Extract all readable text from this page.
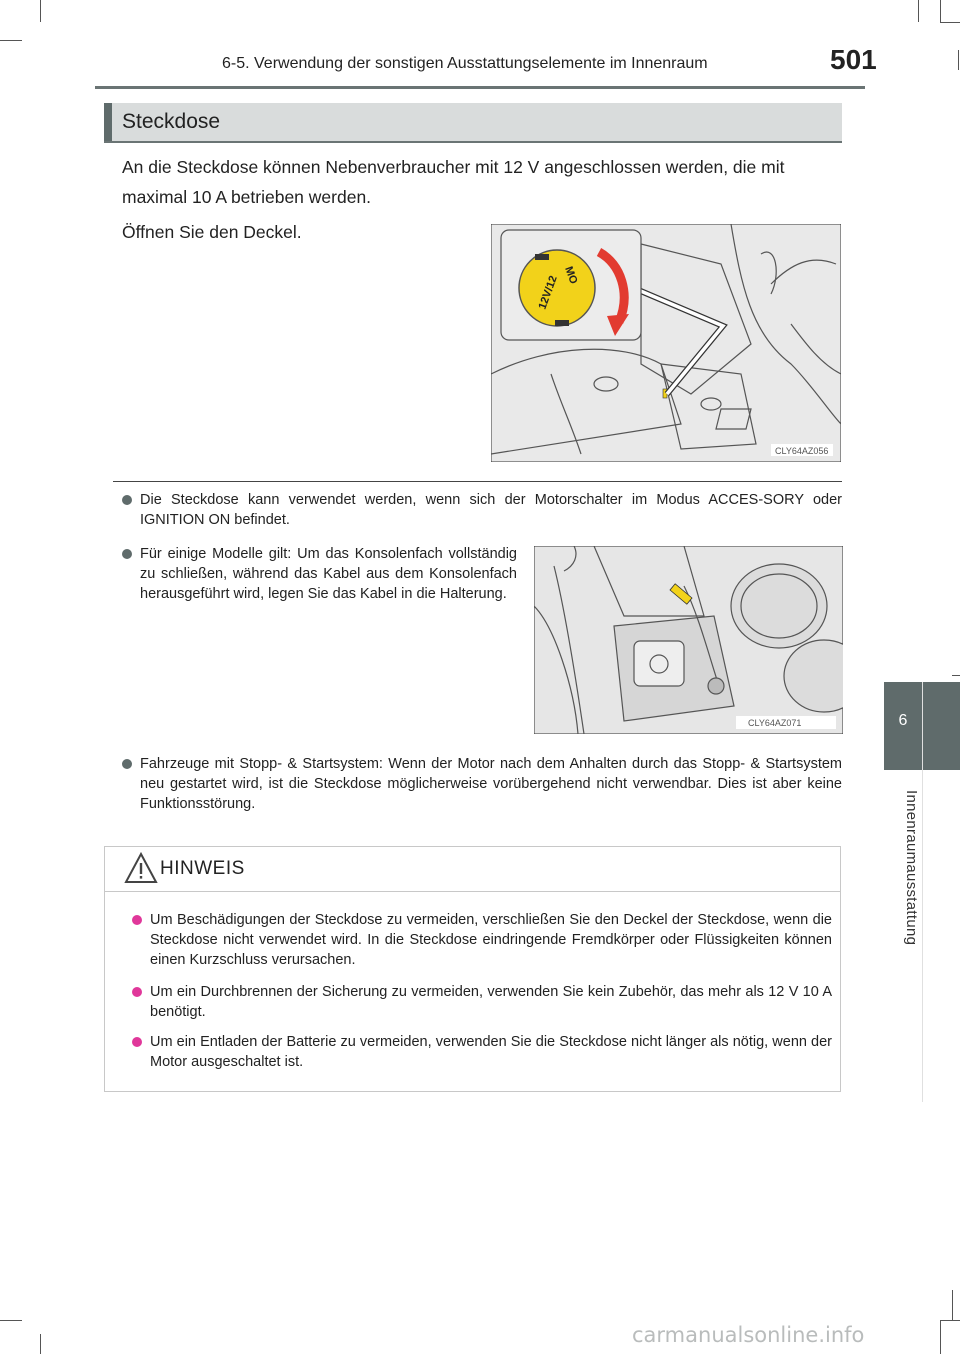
6-5. Verwendung der sonstigen Ausstattungselemente im Innenraum	501
6
Innenraumausstattung
Steckdose
An die Steckdose können Nebenverbraucher mit 12 V angeschlossen werden, die mit maximal 10 A betrieben werden.
Öffnen Sie den Deckel.
12V/12 MO
CLY64AZ056
Die Steckdose kann verwendet werden, wenn sich der Motorschalter im Modus ACCES-SORY oder IGNITION ON befindet.
Für einige Modelle gilt: Um das Konsolenfach vollständig zu schließen, während das Kabel aus dem Konsolenfach herausgeführt wird, legen Sie das Kabel in die Halterung.
CLY64AZ071
Fahrzeuge mit Stopp- & Startsystem: Wenn der Motor nach dem Anhalten durch das Stopp- & Startsystem neu gestartet wird, ist die Steckdose möglicherweise vorübergehend nicht verwendbar. Dies ist aber keine Funktionsstörung.
HINWEIS
Um Beschädigungen der Steckdose zu vermeiden, verschließen Sie den Deckel der Steckdose, wenn die Steckdose nicht verwendet wird. In die Steckdose eindringende Fremdkörper oder Flüssigkeiten können einen Kurzschluss verursachen.
Um ein Durchbrennen der Sicherung zu vermeiden, verwenden Sie kein Zubehör, das mehr als 12 V 10 A benötigt.
Um ein Entladen der Batterie zu vermeiden, verwenden Sie die Steckdose nicht länger als nötig, wenn der Motor ausgeschaltet ist.
carmanualsonline.info
